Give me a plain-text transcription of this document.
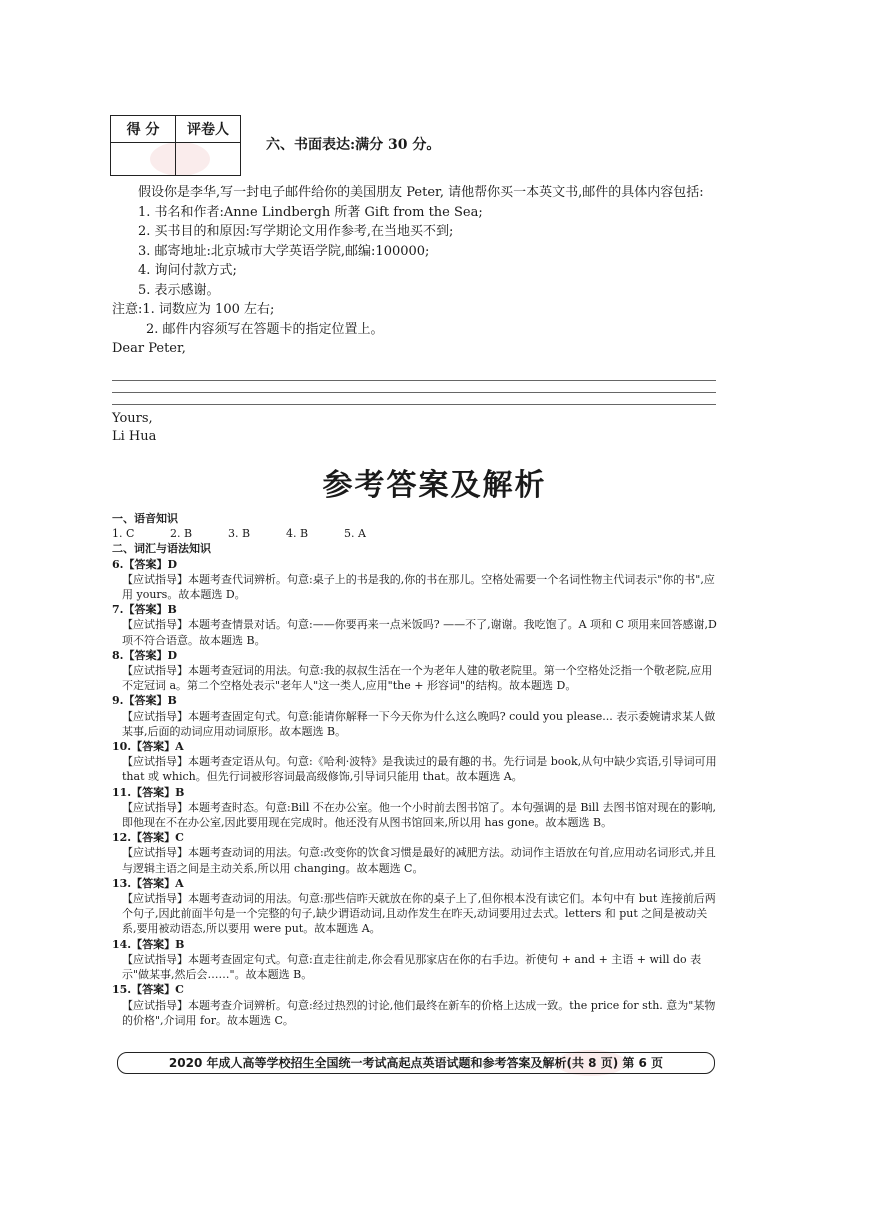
得 分	评卷人

六、书面表达:满分 30 分。

假设你是李华,写一封电子邮件给你的美国朋友 Peter, 请他帮你买一本英文书,邮件的具体内容包括:

1. 书名和作者:Anne Lindbergh 所著 Gift from the Sea;

2. 买书目的和原因:写学期论文用作参考,在当地买不到;

3. 邮寄地址:北京城市大学英语学院,邮编:100000;

4. 询问付款方式;

5. 表示感谢。

注意:1. 词数应为 100 左右;

2. 邮件内容须写在答题卡的指定位置上。

Dear Peter,

Yours,
Li Hua
参考答案及解析

一、语音知识

1. C	2. B	3. B	4. B	5. A

二、词汇与语法知识

6.【答案】D

【应试指导】本题考查代词辨析。句意:桌子上的书是我的,你的书在那儿。空格处需要一个名词性物主代词表示"你的书",应用 yours。故本题选 D。

7.【答案】B

【应试指导】本题考查情景对话。句意:——你要再来一点米饭吗? ——不了,谢谢。我吃饱了。A 项和 C 项用来回答感谢,D 项不符合语意。故本题选 B。

8.【答案】D

【应试指导】本题考查冠词的用法。句意:我的叔叔生活在一个为老年人建的敬老院里。第一个空格处泛指一个敬老院,应用不定冠词 a。第二个空格处表示"老年人"这一类人,应用"the + 形容词"的结构。故本题选 D。

9.【答案】B

【应试指导】本题考查固定句式。句意:能请你解释一下今天你为什么这么晚吗? could you please... 表示委婉请求某人做某事,后面的动词应用动词原形。故本题选 B。

10.【答案】A

【应试指导】本题考查定语从句。句意:《哈利·波特》是我读过的最有趣的书。先行词是 book,从句中缺少宾语,引导词可用 that 或 which。但先行词被形容词最高级修饰,引导词只能用 that。故本题选 A。

11.【答案】B

【应试指导】本题考查时态。句意:Bill 不在办公室。他一个小时前去图书馆了。本句强调的是 Bill 去图书馆对现在的影响,即他现在不在办公室,因此要用现在完成时。他还没有从图书馆回来,所以用 has gone。故本题选 B。

12.【答案】C

【应试指导】本题考查动词的用法。句意:改变你的饮食习惯是最好的减肥方法。动词作主语放在句首,应用动名词形式,并且与逻辑主语之间是主动关系,所以用 changing。故本题选 C。

13.【答案】A

【应试指导】本题考查动词的用法。句意:那些信昨天就放在你的桌子上了,但你根本没有读它们。本句中有 but 连接前后两个句子,因此前面半句是一个完整的句子,缺少谓语动词,且动作发生在昨天,动词要用过去式。letters 和 put 之间是被动关系,要用被动语态,所以要用 were put。故本题选 A。

14.【答案】B

【应试指导】本题考查固定句式。句意:直走往前走,你会看见那家店在你的右手边。祈使句 + and + 主语 + will do 表示"做某事,然后会……"。故本题选 B。

15.【答案】C

【应试指导】本题考查介词辨析。句意:经过热烈的讨论,他们最终在新车的价格上达成一致。the price for sth. 意为"某物的价格",介词用 for。故本题选 C。

2020 年成人高等学校招生全国统一考试高起点英语试题和参考答案及解析(共 8 页) 第 6 页
